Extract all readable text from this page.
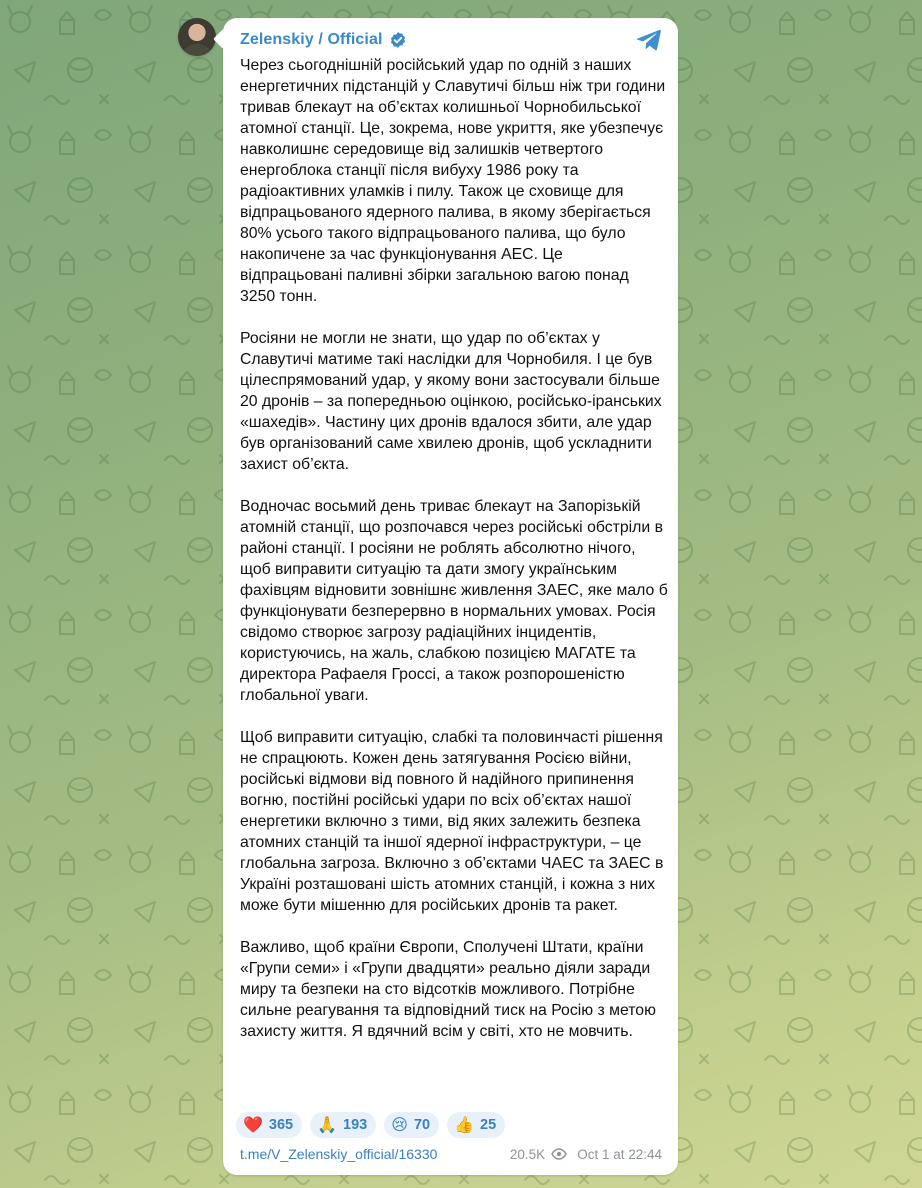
Zelenskiy / Official

Через сьогоднішній російський удар по одній з наших енергетичних підстанцій у Славутичі більш ніж три години тривав блекаут на об’єктах колишньої Чорнобильської атомної станції. Це, зокрема, нове укриття, яке убезпечує навколишнє середовище від залишків четвертого енергоблока станції після вибуху 1986 року та радіоактивних уламків і пилу. Також це сховище для відпрацьованого ядерного палива, в якому зберігається 80% усього такого відпрацьованого палива, що було накопичене за час функціонування АЕС. Це відпрацьовані паливні збірки загальною вагою понад 3250 тонн.

Росіяни не могли не знати, що удар по об’єктах у Славутичі матиме такі наслідки для Чорнобиля. І це був цілеспрямований удар, у якому вони застосували більше 20 дронів – за попередньою оцінкою, російсько-іранських «шахедів». Частину цих дронів вдалося збити, але удар був організований саме хвилею дронів, щоб ускладнити захист об’єкта.

Водночас восьмий день триває блекаут на Запорізькій атомній станції, що розпочався через російські обстріли в районі станції. І росіяни не роблять абсолютно нічого, щоб виправити ситуацію та дати змогу українським фахівцям відновити зовнішнє живлення ЗАЕС, яке мало б функціонувати безперервно в нормальних умовах. Росія свідомо створює загрозу радіаційних інцидентів, користуючись, на жаль, слабкою позицією МАГАТЕ та директора Рафаеля Гроссі, а також розпорошеністю глобальної уваги.

Щоб виправити ситуацію, слабкі та половинчасті рішення не спрацюють. Кожен день затягування Росією війни, російські відмови від повного й надійного припинення вогню, постійні російські удари по всіх об’єктах нашої енергетики включно з тими, від яких залежить безпека атомних станцій та іншої ядерної інфраструктури, – це глобальна загроза. Включно з об’єктами ЧАЕС та ЗАЕС в Україні розташовані шість атомних станцій, і кожна з них може бути мішенню для російських дронів та ракет.

Важливо, щоб країни Європи, Сполучені Штати, країни «Групи семи» і «Групи двадцяти» реально діяли заради миру та безпеки на сто відсотків можливого. Потрібне сильне реагування та відповідний тиск на Росію з метою захисту життя. Я вдячний всім у світі, хто не мовчить.

❤️ 365 🙏 193 😢 70 👍 25
t.me/V_Zelenskiy_official/16330	20.5K Oct 1 at 22:44
